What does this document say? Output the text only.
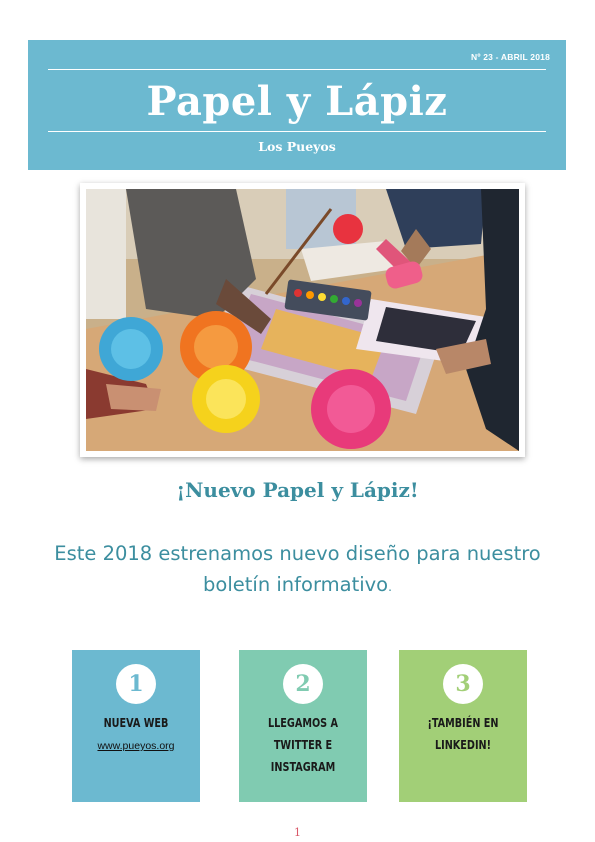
Nº 23 - ABRIL 2018
Papel y Lápiz
Los Pueyos
¡Nuevo Papel y Lápiz!
Este 2018 estrenamos nuevo diseño para nuestro boletín informativo.
1
NUEVA WEB
www.pueyos.org
2
LLEGAMOS A TWITTER E INSTAGRAM
3
¡TAMBIÉN EN LINKEDIN!
1
